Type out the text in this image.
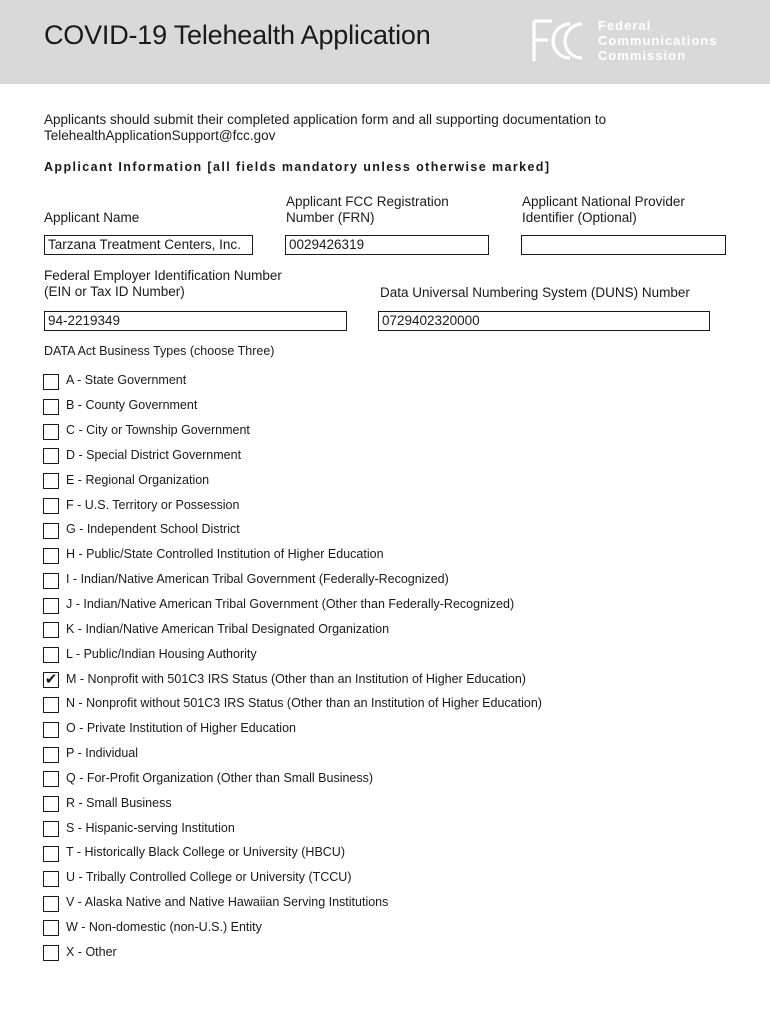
COVID-19 Telehealth Application	Federal
Communications
Commission
Applicants should submit their completed application form and all supporting documentation to
TelehealthApplicationSupport@fcc.gov
Applicant Information [all fields mandatory unless otherwise marked]
Applicant Name
Tarzana Treatment Centers, Inc.
Applicant FCC Registration
Number (FRN)
0029426319
Applicant National Provider
Identifier (Optional)
Federal Employer Identification Number
(EIN or Tax ID Number)
94-2219349
Data Universal Numbering System (DUNS) Number
0729402320000
DATA Act Business Types (choose Three)
A - State Government
B - County Government
C - City or Township Government
D - Special District Government
E - Regional Organization
F - U.S. Territory or Possession
G - Independent School District
H - Public/State Controlled Institution of Higher Education
I - Indian/Native American Tribal Government (Federally-Recognized)
J - Indian/Native American Tribal Government (Other than Federally-Recognized)
K - Indian/Native American Tribal Designated Organization
L - Public/Indian Housing Authority
✔ M - Nonprofit with 501C3 IRS Status (Other than an Institution of Higher Education)
N - Nonprofit without 501C3 IRS Status (Other than an Institution of Higher Education)
O - Private Institution of Higher Education
P - Individual
Q - For-Profit Organization (Other than Small Business)
R - Small Business
S - Hispanic-serving Institution
T - Historically Black College or University (HBCU)
U - Tribally Controlled College or University (TCCU)
V - Alaska Native and Native Hawaiian Serving Institutions
W - Non-domestic (non-U.S.) Entity
X - Other
